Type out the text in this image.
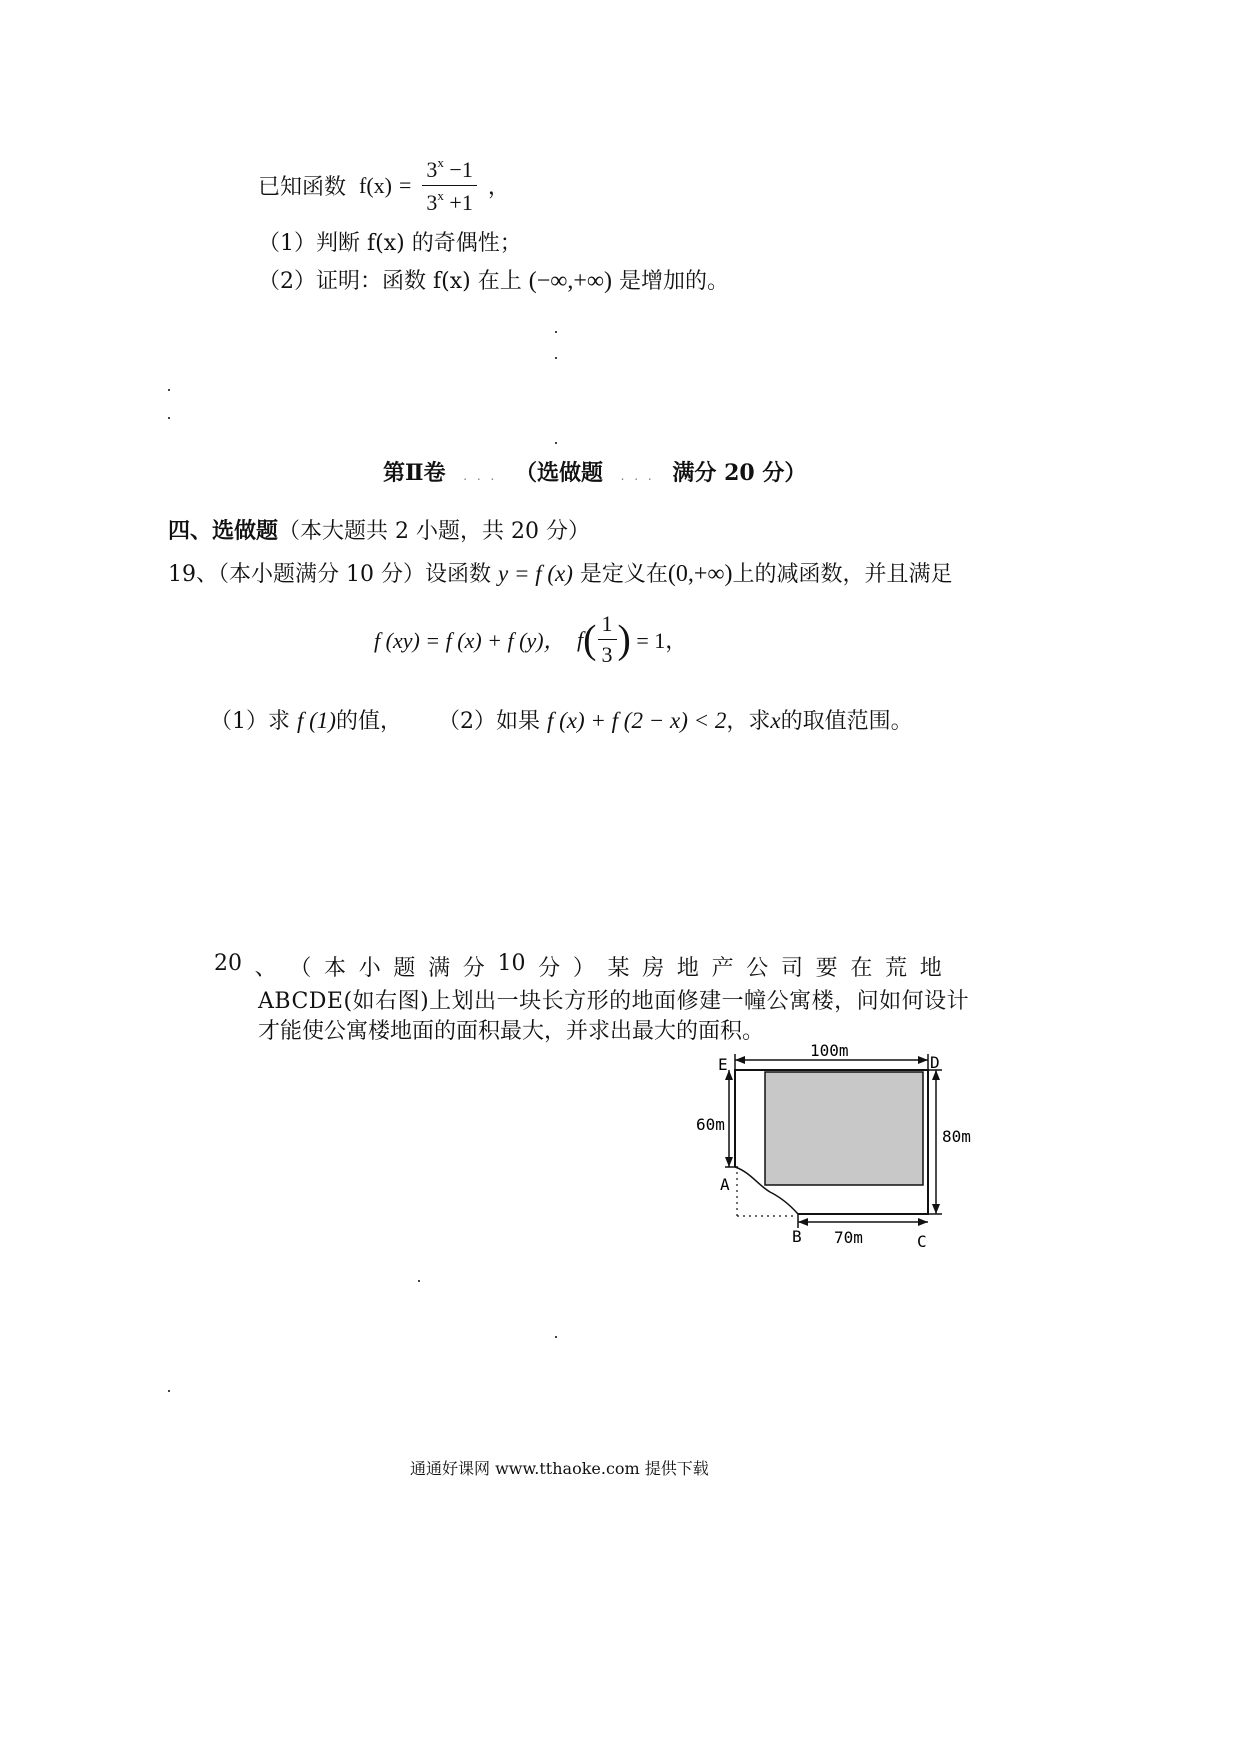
已知函数 $f(x) = \frac{3^x -1}{3^x +1}$ ，
（1）判断 f(x) 的奇偶性；
（2）证明：函数 f(x) 在上 (−∞,+∞) 是增加的。
第Ⅱ卷 . . . （选做题 . . . 满分 20 分）
四、选做题（本大题共 2 小题，共 20 分）
19、（本小题满分 10 分）设函数 y = f (x) 是定义在(0,+∞)上的减函数，并且满足
f (xy) = f (x) + f (y)， $f( \frac{1}{3}$ ) = 1，
（1）求 f (1)的值， （2）如果 f (x) + f (2 − x) < 2，求x的取值范围。
20 、 （ 本 小 题 满 分 10 分 ） 某 房 地 产 公 司 要 在 荒 地
ABCDE(如右图)上划出一块长方形的地面修建一幢公寓楼，问如何设计
才能使公寓楼地面的面积最大，并求出最大的面积。
E	D
A
B	C
100m
60m
80m
70m
通通好课网 www.tthaoke.com 提供下载
